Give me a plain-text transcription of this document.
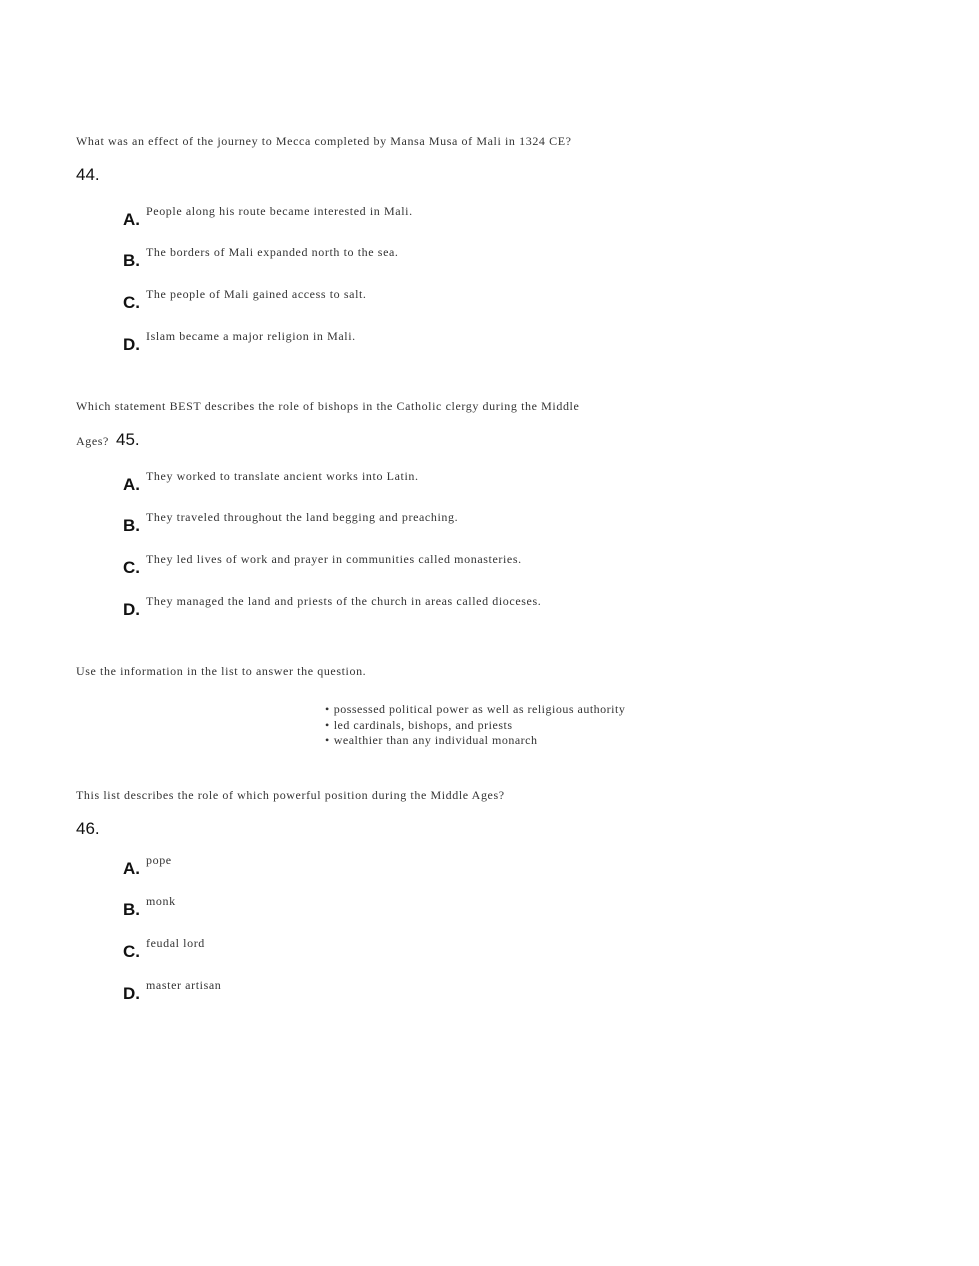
What was an effect of the journey to Mecca completed by Mansa Musa of Mali in 1324 CE?
44.
A. People along his route became interested in Mali.
B. The borders of Mali expanded north to the sea.
C. The people of Mali gained access to salt.
D. Islam became a major religion in Mali.
Which statement BEST describes the role of bishops in the Catholic clergy during the Middle
Ages? 45.
A. They worked to translate ancient works into Latin.
B. They traveled throughout the land begging and preaching.
C. They led lives of work and prayer in communities called monasteries.
D. They managed the land and priests of the church in areas called dioceses.
Use the information in the list to answer the question.
• possessed political power as well as religious authority
• led cardinals, bishops, and priests
• wealthier than any individual monarch
This list describes the role of which powerful position during the Middle Ages?
46.
A. pope
B. monk
C. feudal lord
D. master artisan
